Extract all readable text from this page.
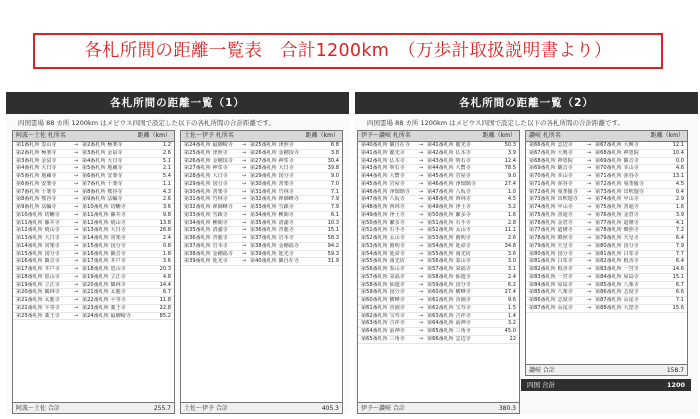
各札所間の距離一覧表　合計1200km　（万歩計取扱説明書より）
各札所間の距離一覧（1）
四国霊場 88 カ所 1200km はメビウス四国で設定した以下の各札所間の合計距離です。
阿波〜土佐 札所名	距離（km）
第1番札所 霊山寺	→ 第2番札所 極楽寺	1.2
第2番札所 極楽寺	→ 第3番札所 金泉寺	2.6
第3番札所 金泉寺	→ 第4番札所 大日寺	5.1
第4番札所 大日寺	→ 第5番札所 地蔵寺	2.1
第5番札所 地蔵寺	→ 第6番札所 安楽寺	5.4
第6番札所 安楽寺	→ 第7番札所 十楽寺	1.1
第7番札所 十楽寺	→ 第8番札所 熊谷寺	4.3
第8番札所 熊谷寺	→ 第9番札所 法輪寺	2.6
第9番札所 法輪寺	→ 第10番札所 切幡寺	3.6
第10番札所 切幡寺	→ 第11番札所 藤井寺	9.8
第11番札所 藤井寺	→ 第12番札所 焼山寺	13.8
第12番札所 焼山寺	→ 第13番札所 大日寺	26.8
第13番札所 大日寺	→ 第14番札所 常楽寺	2.4
第14番札所 常楽寺	→ 第15番札所 国分寺	0.8
第15番札所 国分寺	→ 第16番札所 観音寺	1.8
第16番札所 観音寺	→ 第17番札所 井戸寺	3.6
第17番札所 井戸寺	→ 第18番札所 恩山寺	20.3
第18番札所 恩山寺	→ 第19番札所 立江寺	4.8
第19番札所 立江寺	→ 第20番札所 鶴林寺	14.4
第20番札所 鶴林寺	→ 第21番札所 太龍寺	6.7
第21番札所 太龍寺	→ 第22番札所 平等寺	11.8
第22番札所 平等寺	→ 第23番札所 薬王寺	22.8
第23番札所 薬王寺	→ 第24番札所 最御崎寺	85.2
阿波〜土佐 合計	255.7
土佐〜伊予 札所名	距離（km）
第24番札所 最御崎寺	→ 第25番札所 津照寺	6.8
第25番札所 津照寺	→ 第26番札所 金剛頂寺	3.8
第26番札所 金剛頂寺	→ 第27番札所 神峯寺	30.4
第27番札所 神峯寺	→ 第28番札所 大日寺	39.8
第28番札所 大日寺	→ 第29番札所 国分寺	9.0
第29番札所 国分寺	→ 第30番札所 善楽寺	7.0
第30番札所 善楽寺	→ 第31番札所 竹林寺	7.1
第31番札所 竹林寺	→ 第32番札所 禅師峰寺	7.9
第32番札所 禅師峰寺	→ 第33番札所 雪蹊寺	7.9
第33番札所 雪蹊寺	→ 第34番札所 種間寺	6.1
第34番札所 種間寺	→ 第35番札所 清瀧寺	10.3
第35番札所 清瀧寺	→ 第36番札所 青龍寺	15.1
第36番札所 青龍寺	→ 第37番札所 岩本寺	58.3
第37番札所 岩本寺	→ 第38番札所 金剛福寺	94.2
第38番札所 金剛福寺	→ 第39番札所 延光寺	59.3
第39番札所 延光寺	→ 第40番札所 観自在寺	31.9
土佐〜伊予 合計	405.3
各札所間の距離一覧（2）
四国霊場 88 カ所 1200km はメビウス四国で設定した以下の各札所間の合計距離です。
伊予〜讃岐 札所名	距離（km）
第40番札所 観自在寺	→ 第41番札所 龍光寺	50.3
第41番札所 龍光寺	→ 第42番札所 仏木寺	3.9
第42番札所 仏木寺	→ 第43番札所 明石寺	12.4
第43番札所 明石寺	→ 第44番札所 大寳寺	78.5
第44番札所 大寳寺	→ 第45番札所 岩屋寺	9.0
第45番札所 岩屋寺	→ 第46番札所 浄瑠璃寺	27.4
第46番札所 浄瑠璃寺	→ 第47番札所 八坂寺	1.0
第47番札所 八坂寺	→ 第48番札所 西林寺	4.5
第48番札所 西林寺	→ 第49番札所 浄土寺	3.2
第49番札所 浄土寺	→ 第50番札所 繁多寺	1.6
第50番札所 繁多寺	→ 第51番札所 石手寺	2.8
第51番札所 石手寺	→ 第52番札所 太山寺	11.1
第52番札所 太山寺	→ 第53番札所 圓明寺	2.6
第53番札所 圓明寺	→ 第54番札所 延命寺	34.8
第54番札所 延命寺	→ 第55番札所 南光坊	3.6
第55番札所 南光坊	→ 第56番札所 泰山寺	3.0
第56番札所 泰山寺	→ 第57番札所 栄福寺	3.1
第57番札所 栄福寺	→ 第58番札所 仙遊寺	2.4
第58番札所 仙遊寺	→ 第59番札所 国分寺	6.2
第59番札所 国分寺	→ 第60番札所 横峰寺	27.4
第60番札所 横峰寺	→ 第61番札所 香園寺	9.6
第61番札所 香園寺	→ 第62番札所 宝寿寺	1.5
第62番札所 宝寿寺	→ 第63番札所 吉祥寺	1.4
第63番札所 吉祥寺	→ 第64番札所 前神寺	3.2
第64番札所 前神寺	→ 第65番札所 三角寺	45.0
第65番札所 三角寺	→ 第66番札所 雲辺寺	22
伊予〜讃岐 合計	380.3
讃岐 札所名	距離（km）
第66番札所 雲辺寺	→ 第67番札所 大興寺	12.1
第67番札所 大興寺	→ 第68番札所 神恵院	10.4
第68番札所 神恵院	→ 第69番札所 観音寺	0.0
第69番札所 観音寺	→ 第70番札所 本山寺	4.6
第70番札所 本山寺	→ 第71番札所 弥谷寺	13.1
第71番札所 弥谷寺	→ 第72番札所 曼荼羅寺	4.5
第72番札所 曼荼羅寺	→ 第73番札所 出釈迦寺	0.4
第73番札所 出釈迦寺	→ 第74番札所 甲山寺	2.9
第74番札所 甲山寺	→ 第75番札所 善通寺	1.6
第75番札所 善通寺	→ 第76番札所 金倉寺	3.9
第76番札所 金倉寺	→ 第77番札所 道隆寺	4.1
第77番札所 道隆寺	→ 第78番札所 郷照寺	7.2
第78番札所 郷照寺	→ 第79番札所 天皇寺	6.4
第79番札所 天皇寺	→ 第80番札所 国分寺	7.9
第80番札所 国分寺	→ 第81番札所 白峯寺	7.7
第81番札所 白峯寺	→ 第82番札所 根香寺	6.4
第82番札所 根香寺	→ 第83番札所 一宮寺	14.6
第83番札所 一宮寺	→ 第84番札所 屋島寺	15.1
第84番札所 屋島寺	→ 第85番札所 八栗寺	6.7
第85番札所 八栗寺	→ 第86番札所 志度寺	6.6
第86番札所 志度寺	→ 第87番札所 長尾寺	7.1
第87番札所 長尾寺	→ 第88番札所 大窪寺	15.6
讃岐 合計	158.7
四国 合計	1200
